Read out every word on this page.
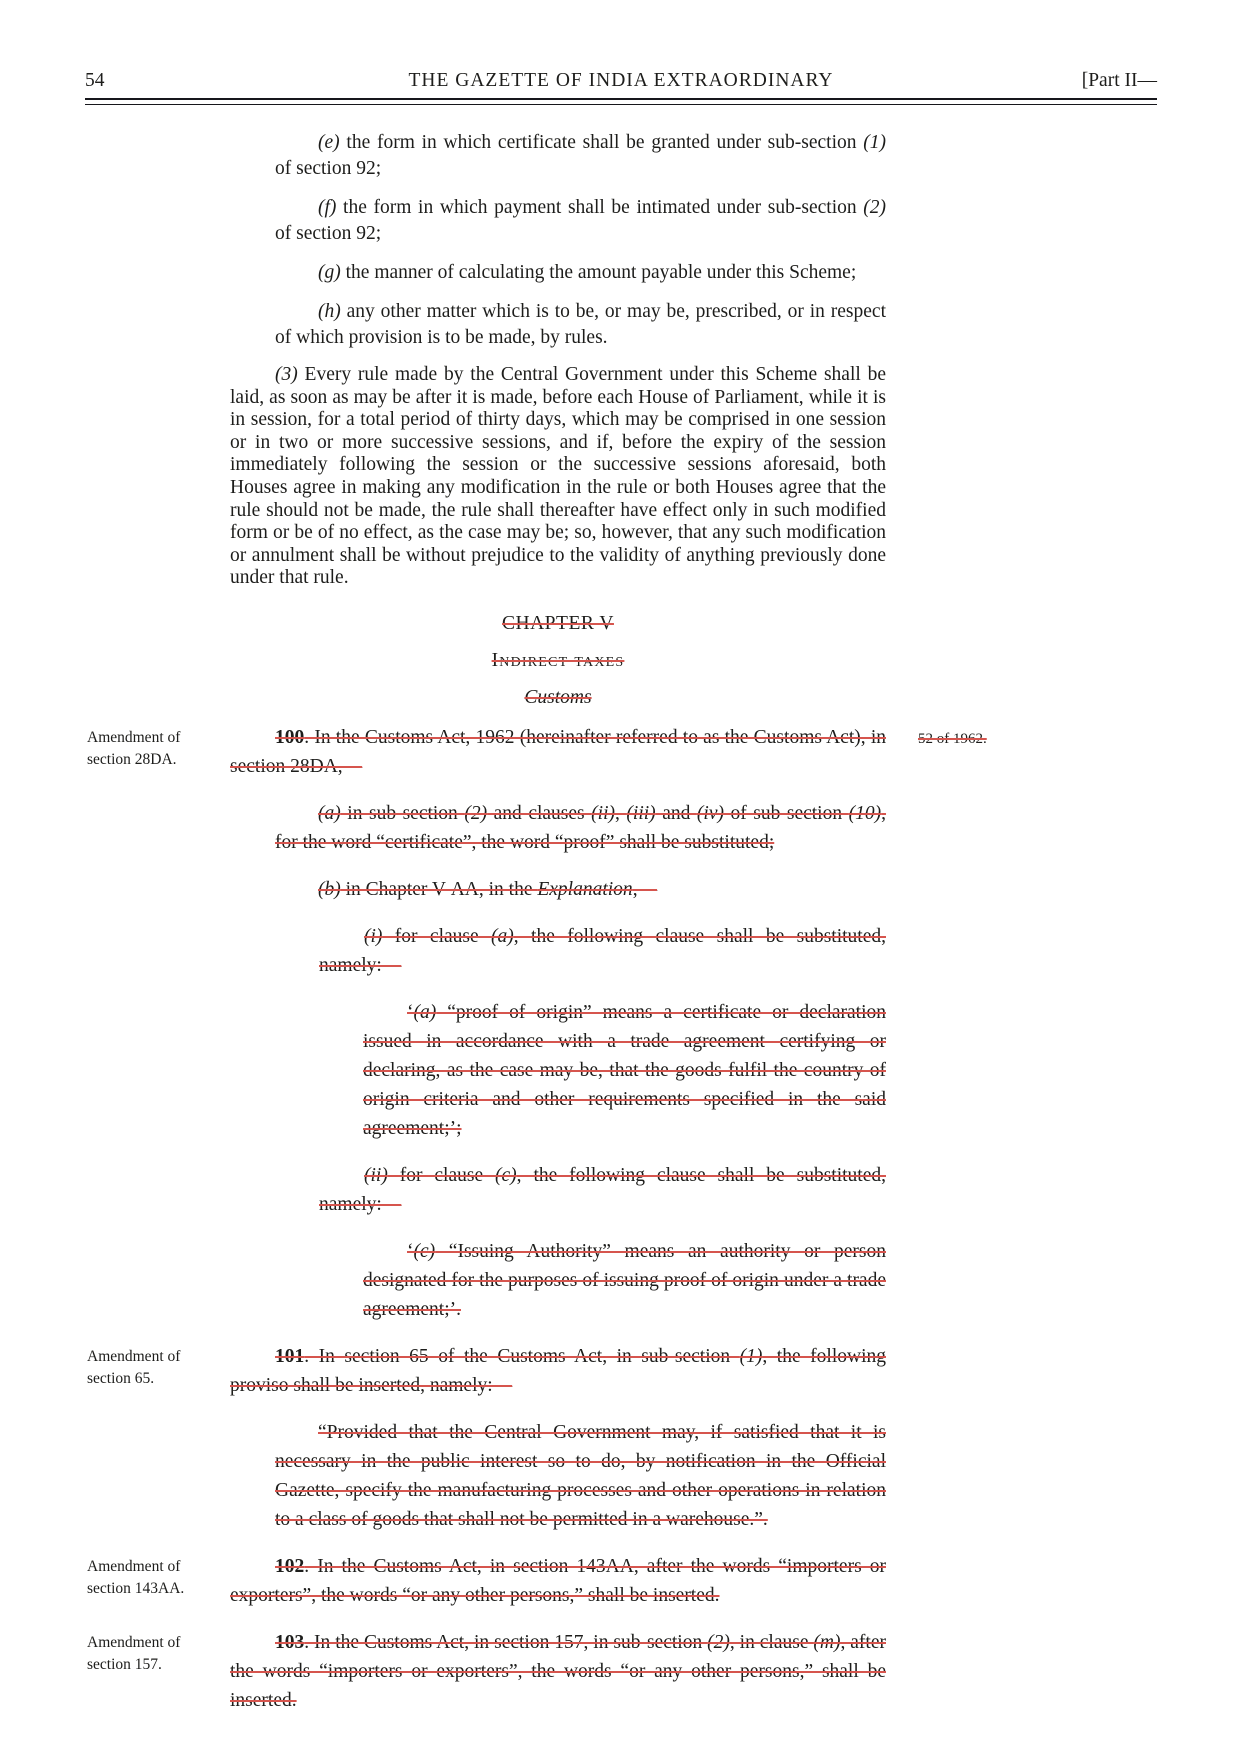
54	THE GAZETTE OF INDIA EXTRAORDINARY	[Part II—

(e) the form in which certificate shall be granted under sub-section (1) of section 92;

(f) the form in which payment shall be intimated under sub-section (2) of section 92;

(g) the manner of calculating the amount payable under this Scheme;

(h) any other matter which is to be, or may be, prescribed, or in respect of which provision is to be made, by rules.

(3) Every rule made by the Central Government under this Scheme shall be laid, as soon as may be after it is made, before each House of Parliament, while it is in session, for a total period of thirty days, which may be comprised in one session or in two or more successive sessions, and if, before the expiry of the session immediately following the session or the successive sessions aforesaid, both Houses agree in making any modification in the rule or both Houses agree that the rule should not be made, the rule shall thereafter have effect only in such modified form or be of no effect, as the case may be; so, however, that any such modification or annulment shall be without prejudice to the validity of anything previously done under that rule.

CHAPTER V

Indirect taxes

Customs

Amendment of section 28DA.
52 of 1962.

100. In the Customs Act, 1962 (hereinafter referred to as the Customs Act), in section 28DA,—

(a) in sub-section (2) and clauses (ii), (iii) and (iv) of sub-section (10), for the word “certificate”, the word “proof” shall be substituted;

(b) in Chapter V-AA, in the Explanation,—

(i) for clause (a), the following clause shall be substituted, namely:—

‘(a) “proof of origin” means a certificate or declaration issued in accordance with a trade agreement certifying or declaring, as the case may be, that the goods fulfil the country of origin criteria and other requirements specified in the said agreement;’;

(ii) for clause (c), the following clause shall be substituted, namely:—

‘(c) “Issuing Authority” means an authority or person designated for the purposes of issuing proof of origin under a trade agreement;’.

Amendment of section 65.

101. In section 65 of the Customs Act, in sub-section (1), the following proviso shall be inserted, namely:—

“Provided that the Central Government may, if satisfied that it is necessary in the public interest so to do, by notification in the Official Gazette, specify the manufacturing processes and other operations in relation to a class of goods that shall not be permitted in a warehouse.”.

Amendment of section 143AA.

102. In the Customs Act, in section 143AA, after the words “importers or exporters”, the words “or any other persons,” shall be inserted.

Amendment of section 157.

103. In the Customs Act, in section 157, in sub-section (2), in clause (m), after the words “importers or exporters”, the words “or any other persons,” shall be inserted.
